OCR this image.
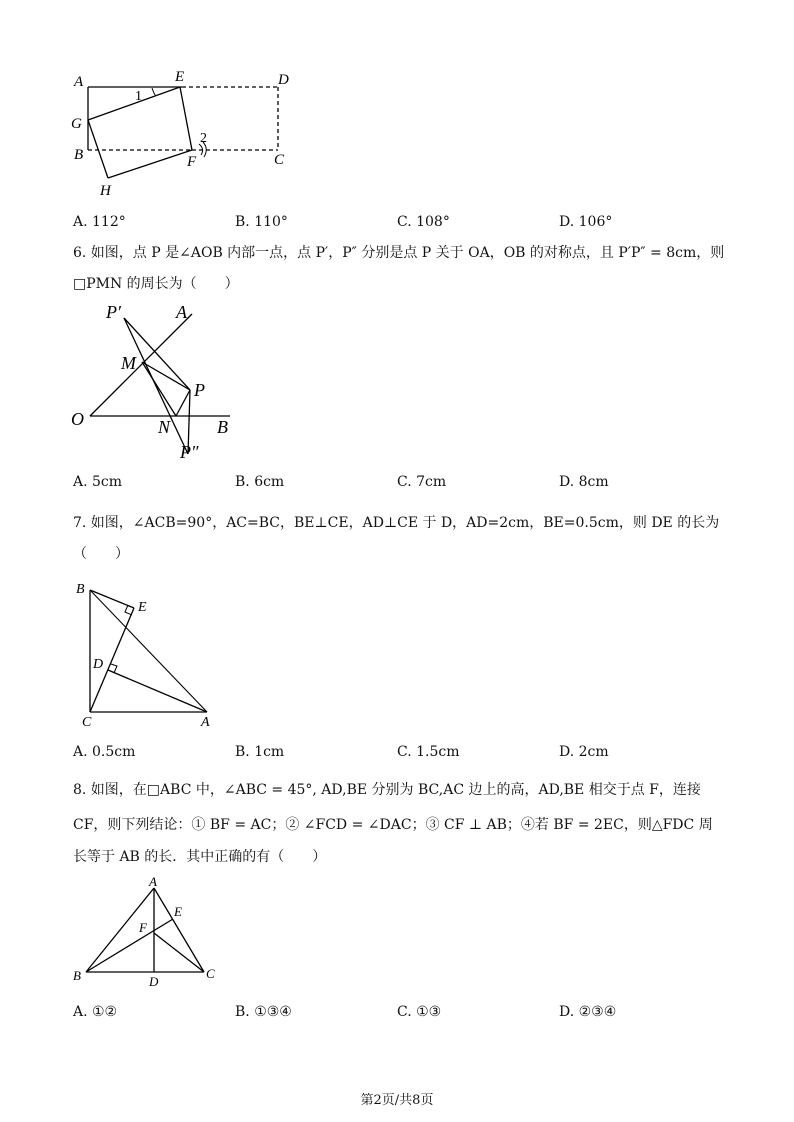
A	E	D
G
B	F	C
H
1
2
A. 112°	B. 110°	C. 108°	D. 106°
6. 如图，点 P 是∠AOB 内部一点，点 P′，P″ 分别是点 P 关于 OA，OB 的对称点，且 P′P″ = 8cm，则
□PMN 的周长为（　　）
P′	A
M
P
O	N	B
P″
A. 5cm	B. 6cm	C. 7cm	D. 8cm
7. 如图，∠ACB=90°，AC=BC，BE⊥CE，AD⊥CE 于 D，AD=2cm，BE=0.5cm，则 DE 的长为
（　　）
B
E
D
C	A
A. 0.5cm	B. 1cm	C. 1.5cm	D. 2cm
8. 如图，在□ABC 中，∠ABC = 45°, AD,BE 分别为 BC,AC 边上的高，AD,BE 相交于点 F，连接
CF，则下列结论：① BF = AC；② ∠FCD = ∠DAC；③ CF ⊥ AB；④若 BF = 2EC，则△FDC 周
长等于 AB 的长．其中正确的有（　　）
A
E
F
B	D
C
A. ①②	B. ①③④	C. ①③	D. ②③④
第2页/共8页
